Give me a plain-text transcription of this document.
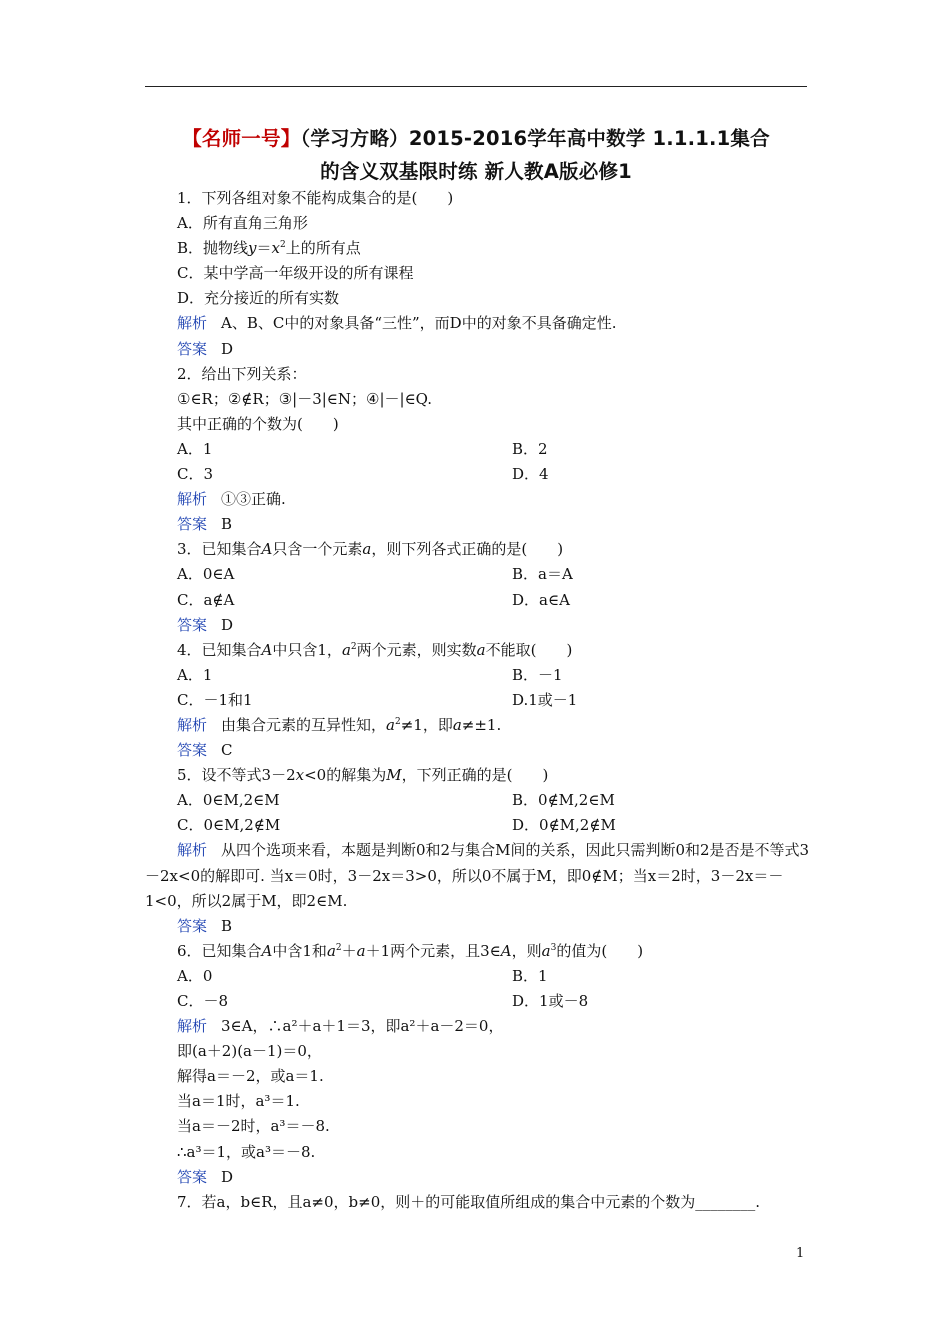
【名师一号】（学习方略）2015-2016学年高中数学 1.1.1.1集合
的含义双基限时练 新人教A版必修1
1．下列各组对象不能构成集合的是(　　)
A．所有直角三角形
B．抛物线$y=x^2$上的所有点
C．某中学高一年级开设的所有课程
D．充分接近的所有实数
解析 A、B、C中的对象具备“三性”，而D中的对象不具备确定性.
答案 D
2．给出下列关系：
①∈R；②∉R；③|－3|∈N；④|－|∈Q.
其中正确的个数为(　　)
A．1	B．2
C．3	D．4
解析 ①③正确.
答案 B
3．已知集合A只含一个元素a，则下列各式正确的是(　　)
A．0∈A	B．a＝A
C．a∉A	D．a∈A
答案 D
4．已知集合A中只含1，$a^2$两个元素，则实数a不能取(　　)
A．1	B．－1
C．－1和1	D.1或－1
解析 由集合元素的互异性知，$a^2\ne 1$，即a≠±1.
答案 C
5．设不等式3－2x<0的解集为M，下列正确的是(　　)
A．0∈M,2∈M	B．0∉M,2∈M
C．0∈M,2∉M	D．0∉M,2∉M
解析 从四个选项来看，本题是判断0和2与集合M间的关系，因此只需判断0和2是否是不等式3－2x<0的解即可. 当x＝0时，3－2x＝3>0，所以0不属于M，即0∉M；当x＝2时，3－2x＝－1<0，所以2属于M，即2∈M.
答案 B
6．已知集合A中含1和$a^2+a+1$两个元素，且3∈A，则$a^3$的值为(　　)
A．0	B．1
C．－8	D．1或－8
解析 3∈A，∴a²＋a＋1＝3，即a²＋a－2＝0，
即(a＋2)(a－1)＝0，
解得a＝－2，或a＝1.
当a＝1时，a³＝1.
当a＝－2时，a³＝－8.
∴a³＝1，或a³＝－8.
答案 D
7．若a，b∈R，且a≠0，b≠0，则＋的可能取值所组成的集合中元素的个数为________.
1
